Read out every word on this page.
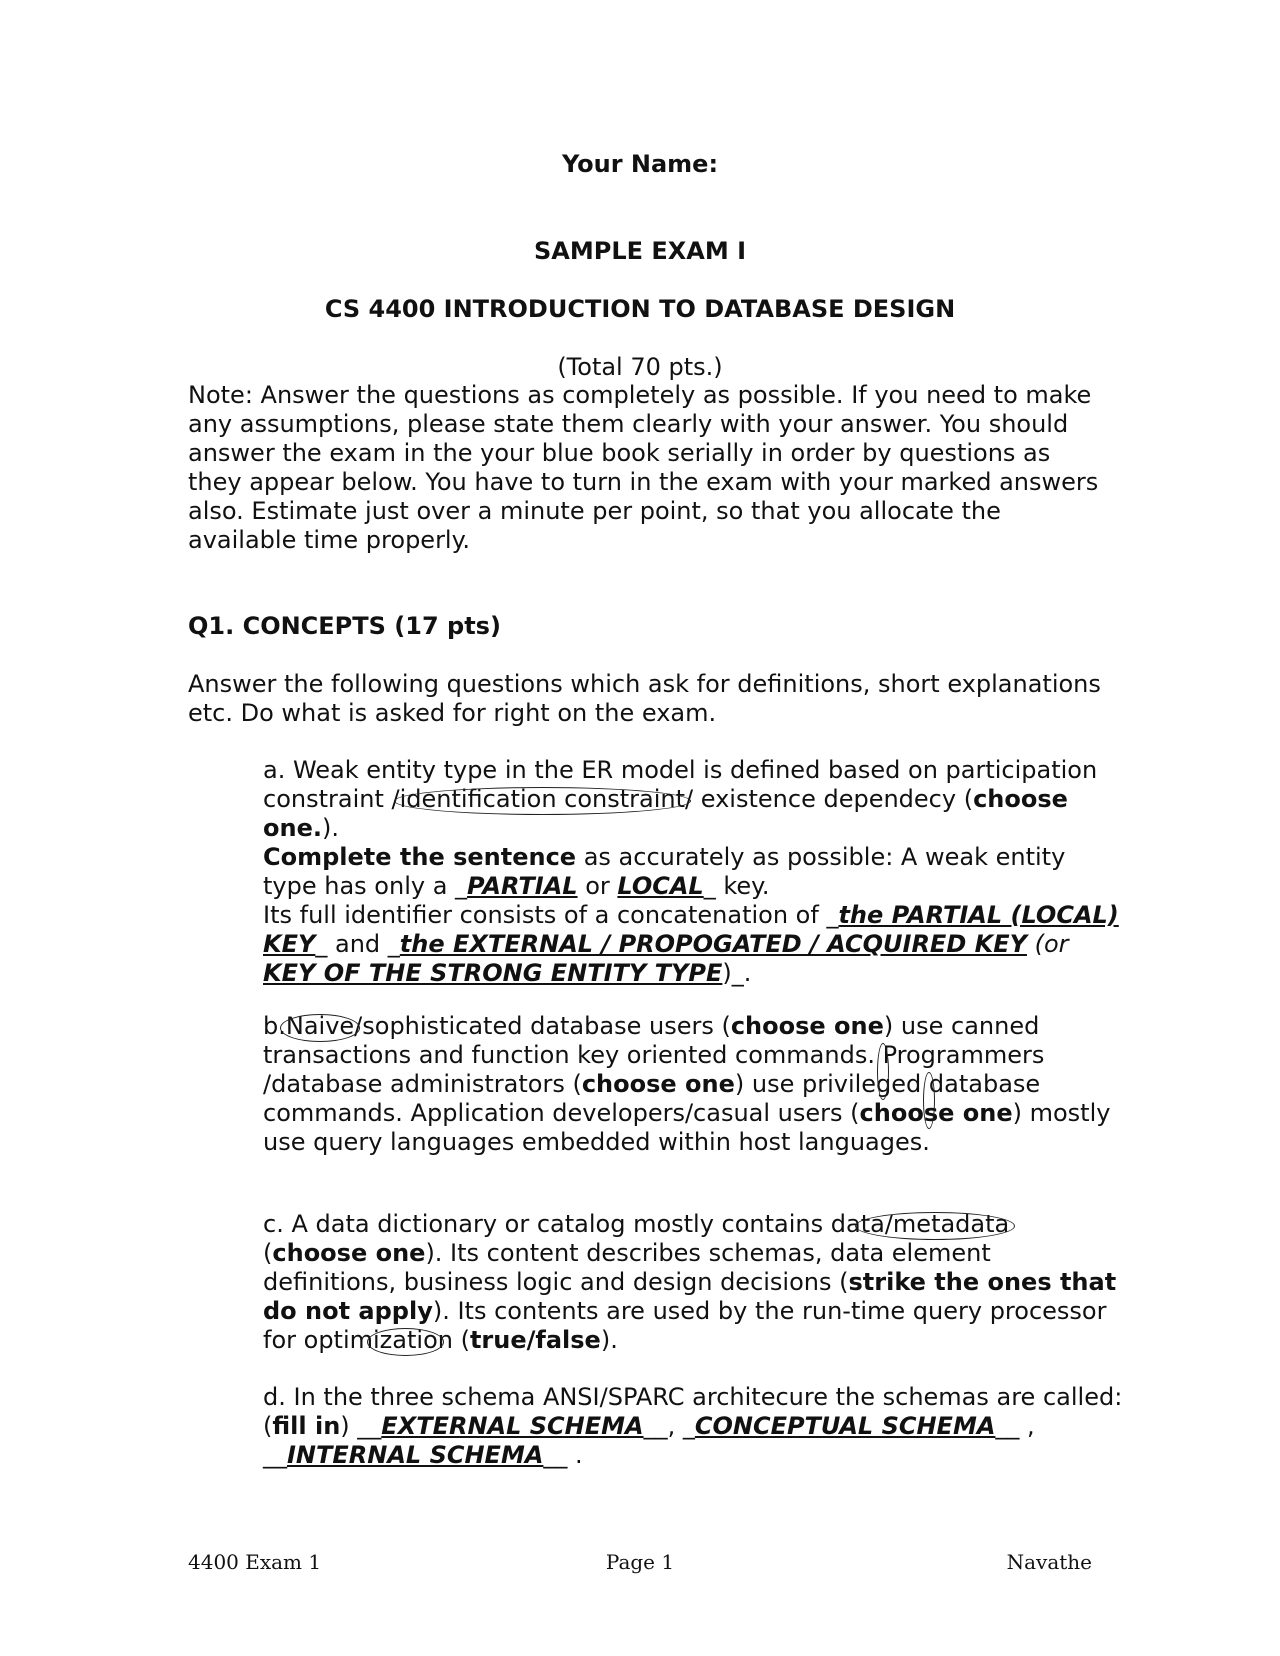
Your Name:
SAMPLE EXAM I
CS 4400 INTRODUCTION TO DATABASE DESIGN
(Total 70 pts.)

Note: Answer the questions as completely as possible. If you need to make any assumptions, please state them clearly with your answer. You should answer the exam in the your blue book serially in order by questions as they appear below. You have to turn in the exam with your marked answers also. Estimate just over a minute per point, so that you allocate the available time properly.

Q1. CONCEPTS (17 pts)

Answer the following questions which ask for definitions, short explanations etc. Do what is asked for right on the exam.

a. Weak entity type in the ER model is defined based on participation constraint /
identification constraint/ existence dependecy (choose one.).

Complete the sentence as accurately as possible: A weak entity type has only a _PARTIAL or LOCAL_ key.

Its full identifier consists of a concatenation of _the PARTIAL (LOCAL) KEY_ and _the EXTERNAL / PROPOGATED / ACQUIRED KEY (or KEY OF THE STRONG ENTITY TYPE)_.

b.
Naive/sophisticated database users (choose one) use canned transactions and function key oriented commands. Programmers /database administrators (choose one) use privileged
database commands. Application developers/casual users (choose one) mostly use query languages embedded within host languages.

c. A data dictionary or catalog mostly contains da
ta/metadata
(choose one). Its content describes schemas, data element definitions, business logic and design decisions (strike the ones that do not apply). Its contents are used by the run-time query processor for optim
ization (true/false).

d. In the three schema ANSI/SPARC architecure the schemas are called: (fill in) __EXTERNAL SCHEMA__, _CONCEPTUAL SCHEMA__ , __INTERNAL SCHEMA__ .

4400 Exam 1	Page 1	Navathe
